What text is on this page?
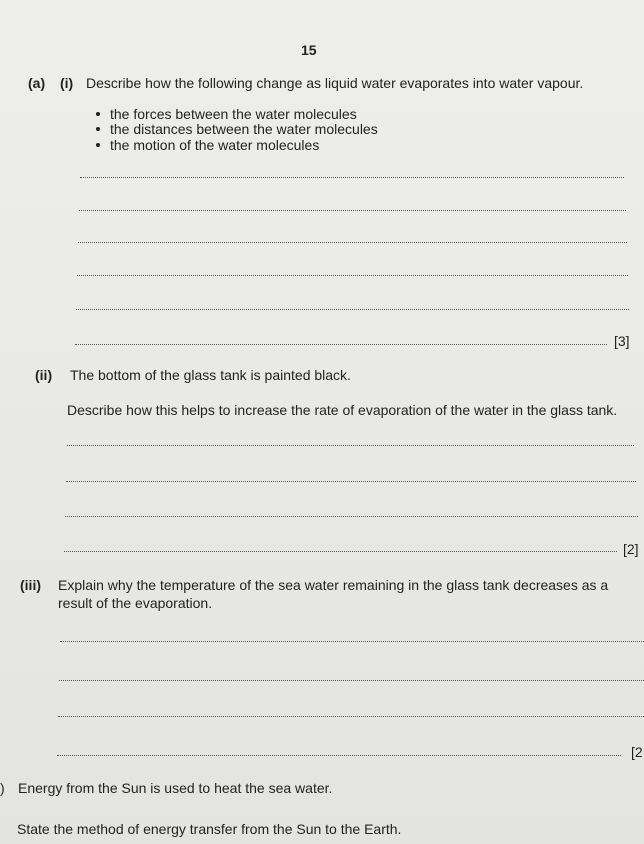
15
(a) (i) Describe how the following change as liquid water evaporates into water vapour.
the forces between the water molecules
the distances between the water molecules
the motion of the water molecules
[3]
(ii) The bottom of the glass tank is painted black.
Describe how this helps to increase the rate of evaporation of the water in the glass tank.
[2]
(iii) Explain why the temperature of the sea water remaining in the glass tank decreases as a
result of the evaporation.
[2
) Energy from the Sun is used to heat the sea water.
State the method of energy transfer from the Sun to the Earth.
